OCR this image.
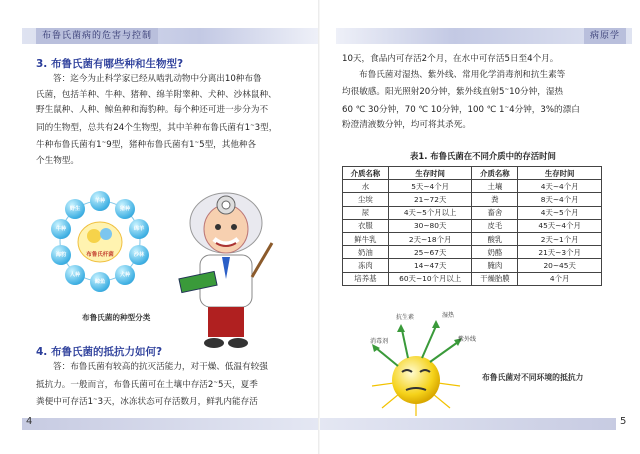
布鲁氏菌病的危害与控制
3. 布鲁氏菌有哪些种和生物型?
答：迄今为止科学家已经从啮乳动物中分离出10种布鲁
氏菌，包括羊种、牛种、猪种、绵羊附睾种、犬种、沙林鼠种、
野生鼠种、人种、鲸鱼种和海豹种。每个种还可进一步分为不
同的生物型，总共有24个生物型，其中羊种布鲁氏菌有1~3型，
牛种布鲁氏菌有1~9型，猪种布鲁氏菌有1~5型，其他种各
个生物型。
布鲁氏杆菌
羊种
猪种
绵羊
沙林
犬种
鲸鱼
人种
海豹
牛种
野生
布鲁氏菌的种型分类
4. 布鲁氏菌的抵抗力如何?
答：布鲁氏菌有较高的抗灭活能力，对干燥、低温有较强
抵抗力。一般而言，布鲁氏菌可在土壤中存活2~5天，夏季
粪便中可存活1~3天，冰冻状态可存活数月，鲜乳内能存活
4
病原学
10天，食品内可存活2个月，在水中可存活5日至4个月。
布鲁氏菌对湿热、紫外线、常用化学消毒剂和抗生素等
均很敏感。阳光照射20分钟，紫外线直射5~10分钟，湿热
60 ℃ 30分钟，70 ℃ 10分钟，100 ℃ 1~4分钟，3%的漂白
粉澄清液数分钟，均可将其杀死。
表1. 布鲁氏菌在不同介质中的存活时间
介质名称	生存时间	介质名称	生存时间
水	5天~4个月	土壤	4天~4个月
尘埃	21~72天	粪	8天~4个月
尿	4天~5个月以上	畜舍	4天~5个月
衣服	30~80天	皮毛	45天~4个月
鲜牛乳	2天~18个月	酸乳	2天~1个月
奶油	25~67天	奶酪	21天~3个月
冻肉	14~47天	腌肉	20~45天
培养基	60天~10个月以上	干燥胎膜	4个月
抗生素	湿热
消毒剂	紫外线
布鲁氏菌对不同环境的抵抗力
5
